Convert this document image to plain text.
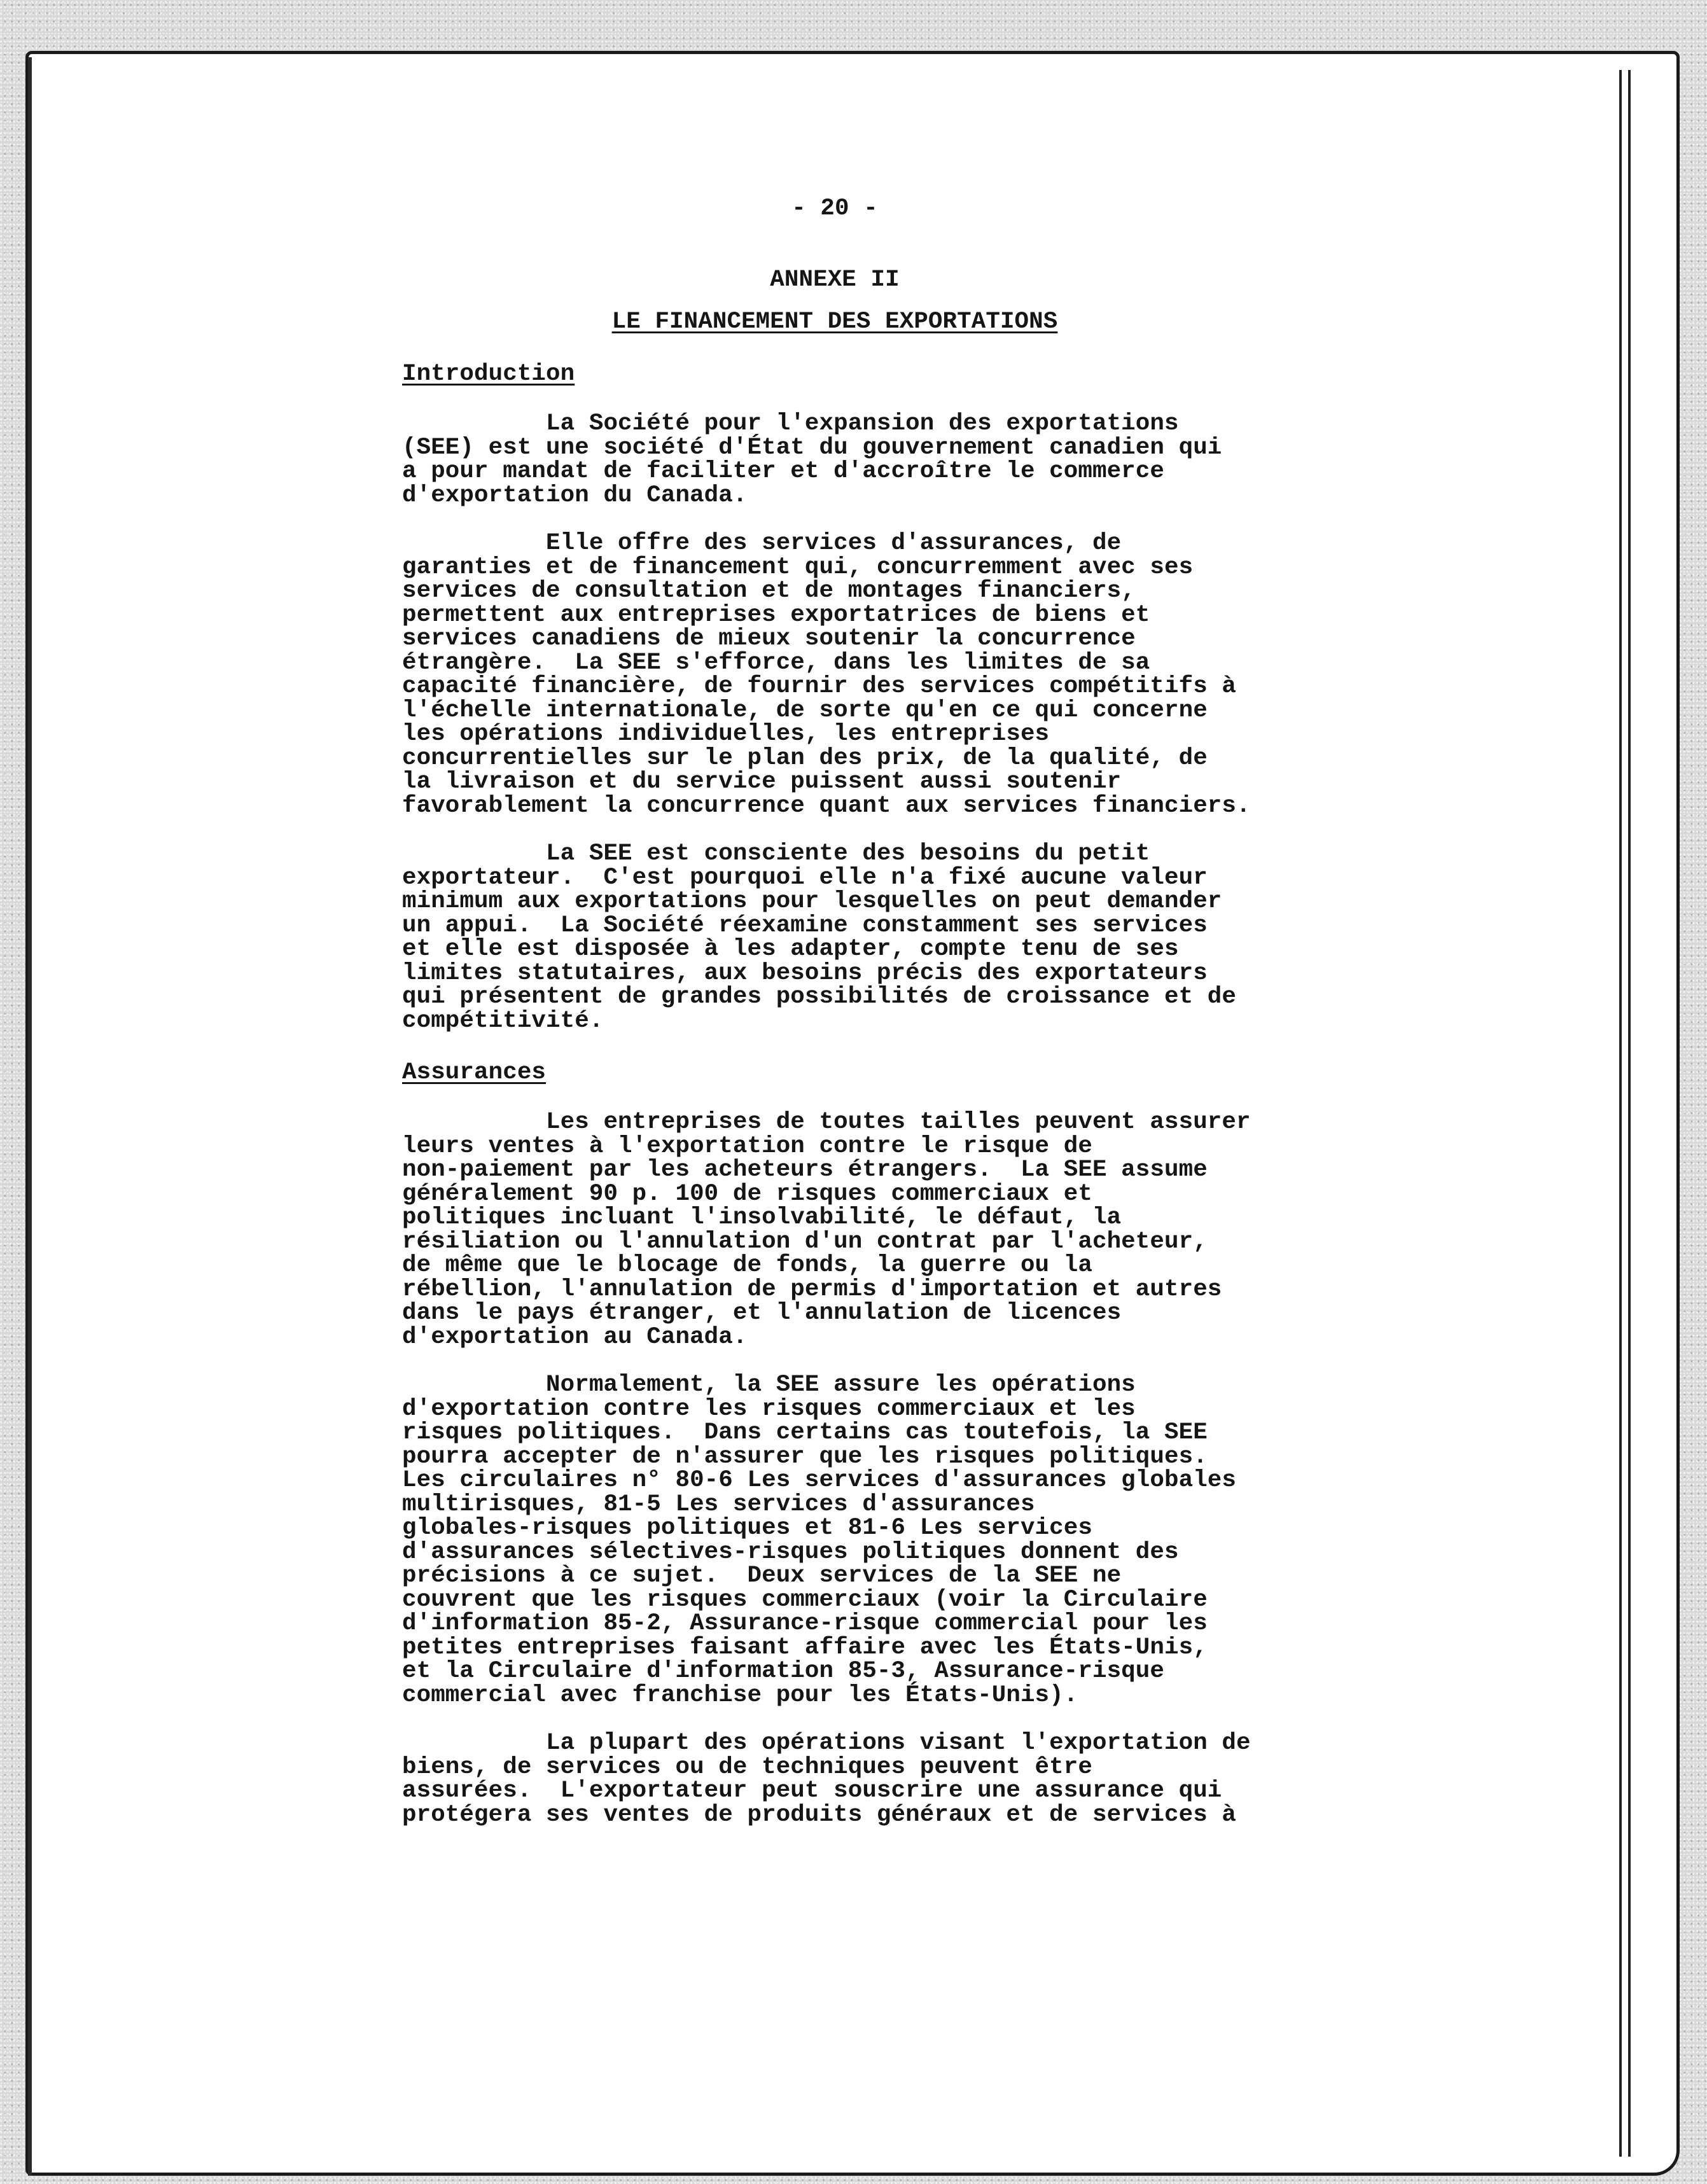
- 20 -
ANNEXE II
LE FINANCEMENT DES EXPORTATIONS
Introduction
La Société pour l'expansion des exportations
(SEE) est une société d'État du gouvernement canadien qui
a pour mandat de faciliter et d'accroître le commerce
d'exportation du Canada.
Elle offre des services d'assurances, de
garanties et de financement qui, concurremment avec ses
services de consultation et de montages financiers,
permettent aux entreprises exportatrices de biens et
services canadiens de mieux soutenir la concurrence
étrangère.  La SEE s'efforce, dans les limites de sa
capacité financière, de fournir des services compétitifs à
l'échelle internationale, de sorte qu'en ce qui concerne
les opérations individuelles, les entreprises
concurrentielles sur le plan des prix, de la qualité, de
la livraison et du service puissent aussi soutenir
favorablement la concurrence quant aux services financiers.
La SEE est consciente des besoins du petit
exportateur.  C'est pourquoi elle n'a fixé aucune valeur
minimum aux exportations pour lesquelles on peut demander
un appui.  La Société réexamine constamment ses services
et elle est disposée à les adapter, compte tenu de ses
limites statutaires, aux besoins précis des exportateurs
qui présentent de grandes possibilités de croissance et de
compétitivité.
Assurances
Les entreprises de toutes tailles peuvent assurer
leurs ventes à l'exportation contre le risque de
non-paiement par les acheteurs étrangers.  La SEE assume
généralement 90 p. 100 de risques commerciaux et
politiques incluant l'insolvabilité, le défaut, la
résiliation ou l'annulation d'un contrat par l'acheteur,
de même que le blocage de fonds, la guerre ou la
rébellion, l'annulation de permis d'importation et autres
dans le pays étranger, et l'annulation de licences
d'exportation au Canada.
Normalement, la SEE assure les opérations
d'exportation contre les risques commerciaux et les
risques politiques.  Dans certains cas toutefois, la SEE
pourra accepter de n'assurer que les risques politiques.
Les circulaires n° 80-6 Les services d'assurances globales
multirisques, 81-5 Les services d'assurances
globales-risques politiques et 81-6 Les services
d'assurances sélectives-risques politiques donnent des
précisions à ce sujet.  Deux services de la SEE ne
couvrent que les risques commerciaux (voir la Circulaire
d'information 85-2, Assurance-risque commercial pour les
petites entreprises faisant affaire avec les États-Unis,
et la Circulaire d'information 85-3, Assurance-risque
commercial avec franchise pour les États-Unis).
La plupart des opérations visant l'exportation de
biens, de services ou de techniques peuvent être
assurées.  L'exportateur peut souscrire une assurance qui
protégera ses ventes de produits généraux et de services à
